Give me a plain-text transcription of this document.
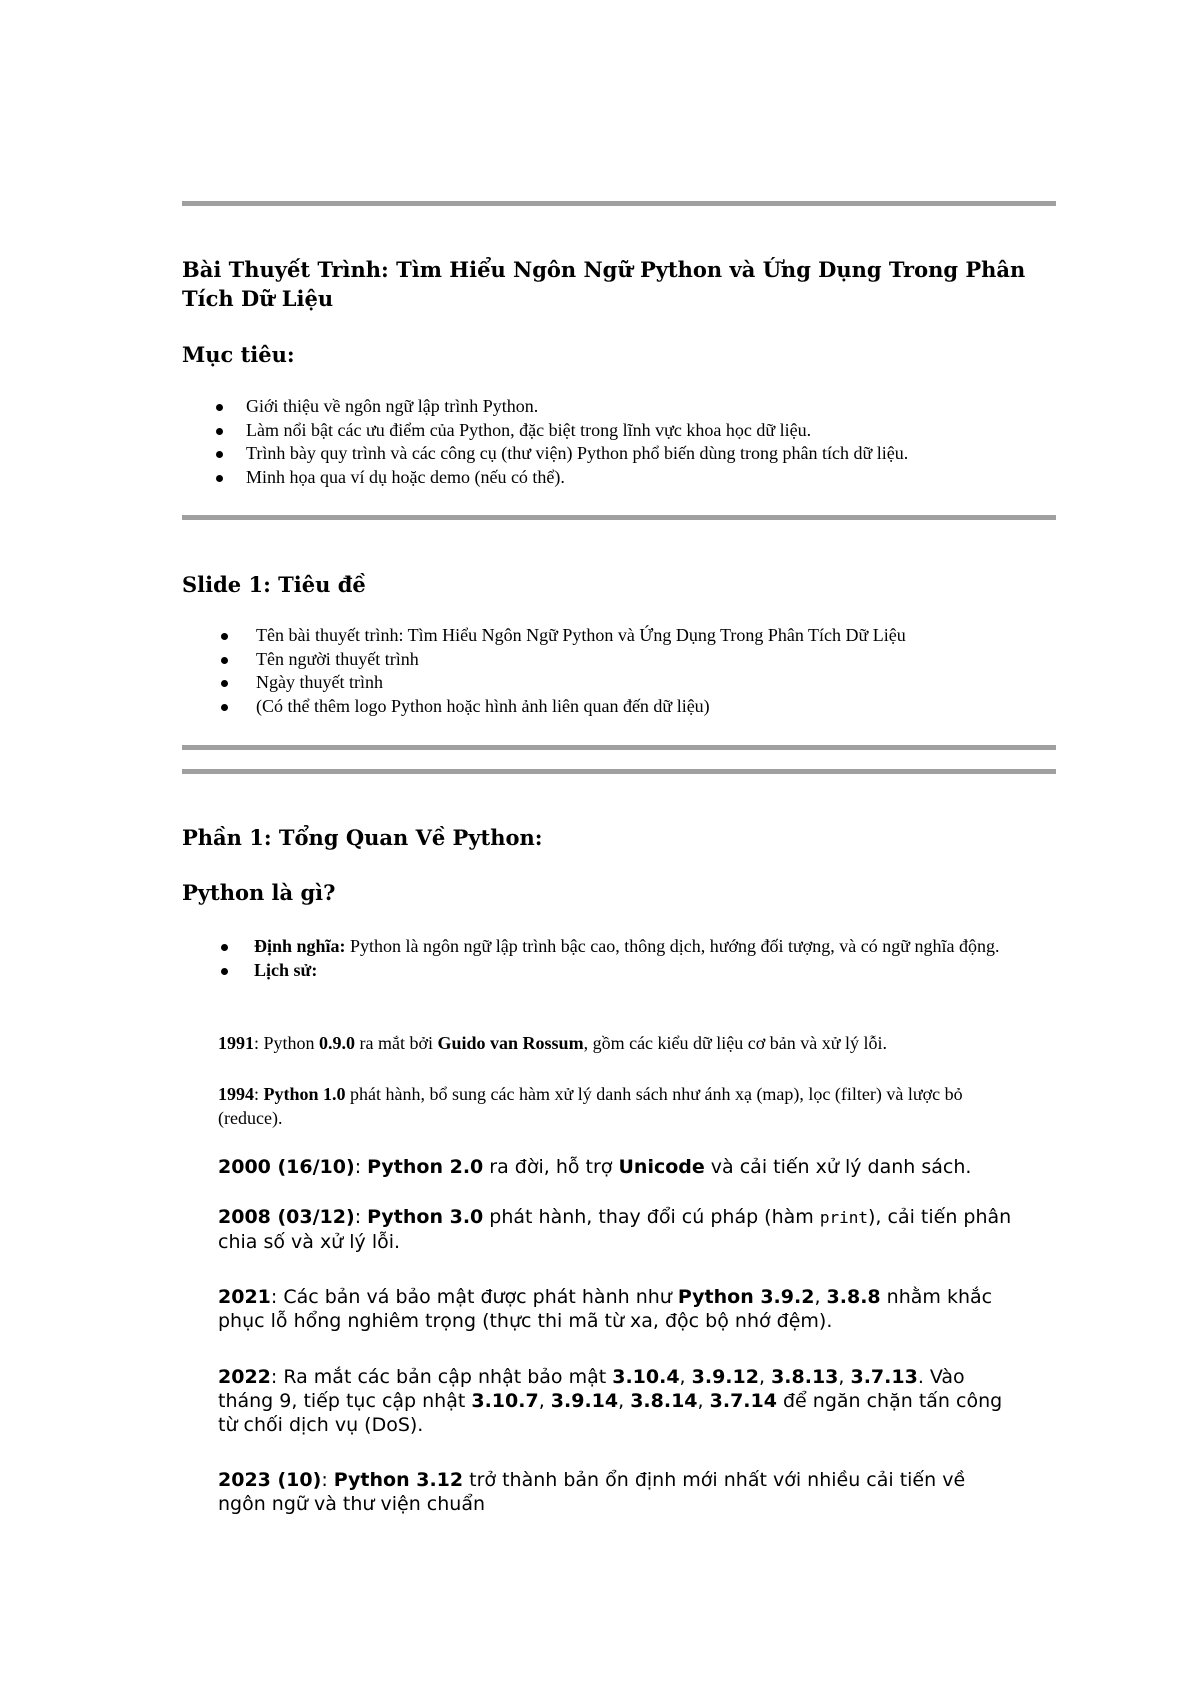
Bài Thuyết Trình: Tìm Hiểu Ngôn Ngữ Python và Ứng Dụng Trong Phân Tích Dữ Liệu
Mục tiêu:
Giới thiệu về ngôn ngữ lập trình Python.
Làm nổi bật các ưu điểm của Python, đặc biệt trong lĩnh vực khoa học dữ liệu.
Trình bày quy trình và các công cụ (thư viện) Python phổ biến dùng trong phân tích dữ liệu.
Minh họa qua ví dụ hoặc demo (nếu có thể).
Slide 1: Tiêu đề
Tên bài thuyết trình: Tìm Hiểu Ngôn Ngữ Python và Ứng Dụng Trong Phân Tích Dữ Liệu
Tên người thuyết trình
Ngày thuyết trình
(Có thể thêm logo Python hoặc hình ảnh liên quan đến dữ liệu)
Phần 1: Tổng Quan Về Python:
Python là gì?
Định nghĩa: Python là ngôn ngữ lập trình bậc cao, thông dịch, hướng đối tượng, và có ngữ nghĩa động.
Lịch sử:

1991: Python 0.9.0 ra mắt bởi Guido van Rossum, gồm các kiểu dữ liệu cơ bản và xử lý lỗi.

1994: Python 1.0 phát hành, bổ sung các hàm xử lý danh sách như ánh xạ (map), lọc (filter) và lược bỏ (reduce).

2000 (16/10): Python 2.0 ra đời, hỗ trợ Unicode và cải tiến xử lý danh sách.

2008 (03/12): Python 3.0 phát hành, thay đổi cú pháp (hàm print), cải tiến phân chia số và xử lý lỗi.

2021: Các bản vá bảo mật được phát hành như Python 3.9.2, 3.8.8 nhằm khắc phục lỗ hổng nghiêm trọng (thực thi mã từ xa, độc bộ nhớ đệm).

2022: Ra mắt các bản cập nhật bảo mật 3.10.4, 3.9.12, 3.8.13, 3.7.13. Vào tháng 9, tiếp tục cập nhật 3.10.7, 3.9.14, 3.8.14, 3.7.14 để ngăn chặn tấn công từ chối dịch vụ (DoS).

2023 (10): Python 3.12 trở thành bản ổn định mới nhất với nhiều cải tiến về ngôn ngữ và thư viện chuẩn
